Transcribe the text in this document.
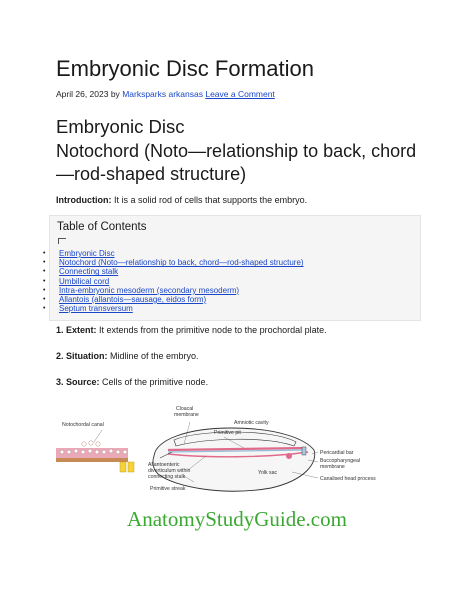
Embryonic Disc Formation
April 26, 2023 by Marksparks arkansas Leave a Comment
Embryonic Disc
Notochord (Noto—relationship to back, chord—rod-shaped structure)
Introduction: It is a solid rod of cells that supports the embryo.
Table of Contents
• Embryonic Disc
• Notochord (Noto—relationship to back, chord—rod-shaped structure)
• Connecting stalk
• Umbilical cord
• Intra-embryonic mesoderm (secondary mesoderm)
• Allantois (allantois—sausage, eidos form)
• Septum transversum
1. Extent: It extends from the primitive node to the prochordal plate.
2. Situation: Midline of the embryo.
3. Source: Cells of the primitive node.
Cloacal
membrane
Amniotic cavity
Primitive pit
Notochordal canal
Allantoenteric
diverticulum within
connecting stalk
Yolk sac
Pericardial bar
Buccopharyngeal
membrane
Primitive streak
Canalised head process
AnatomyStudyGuide.com
